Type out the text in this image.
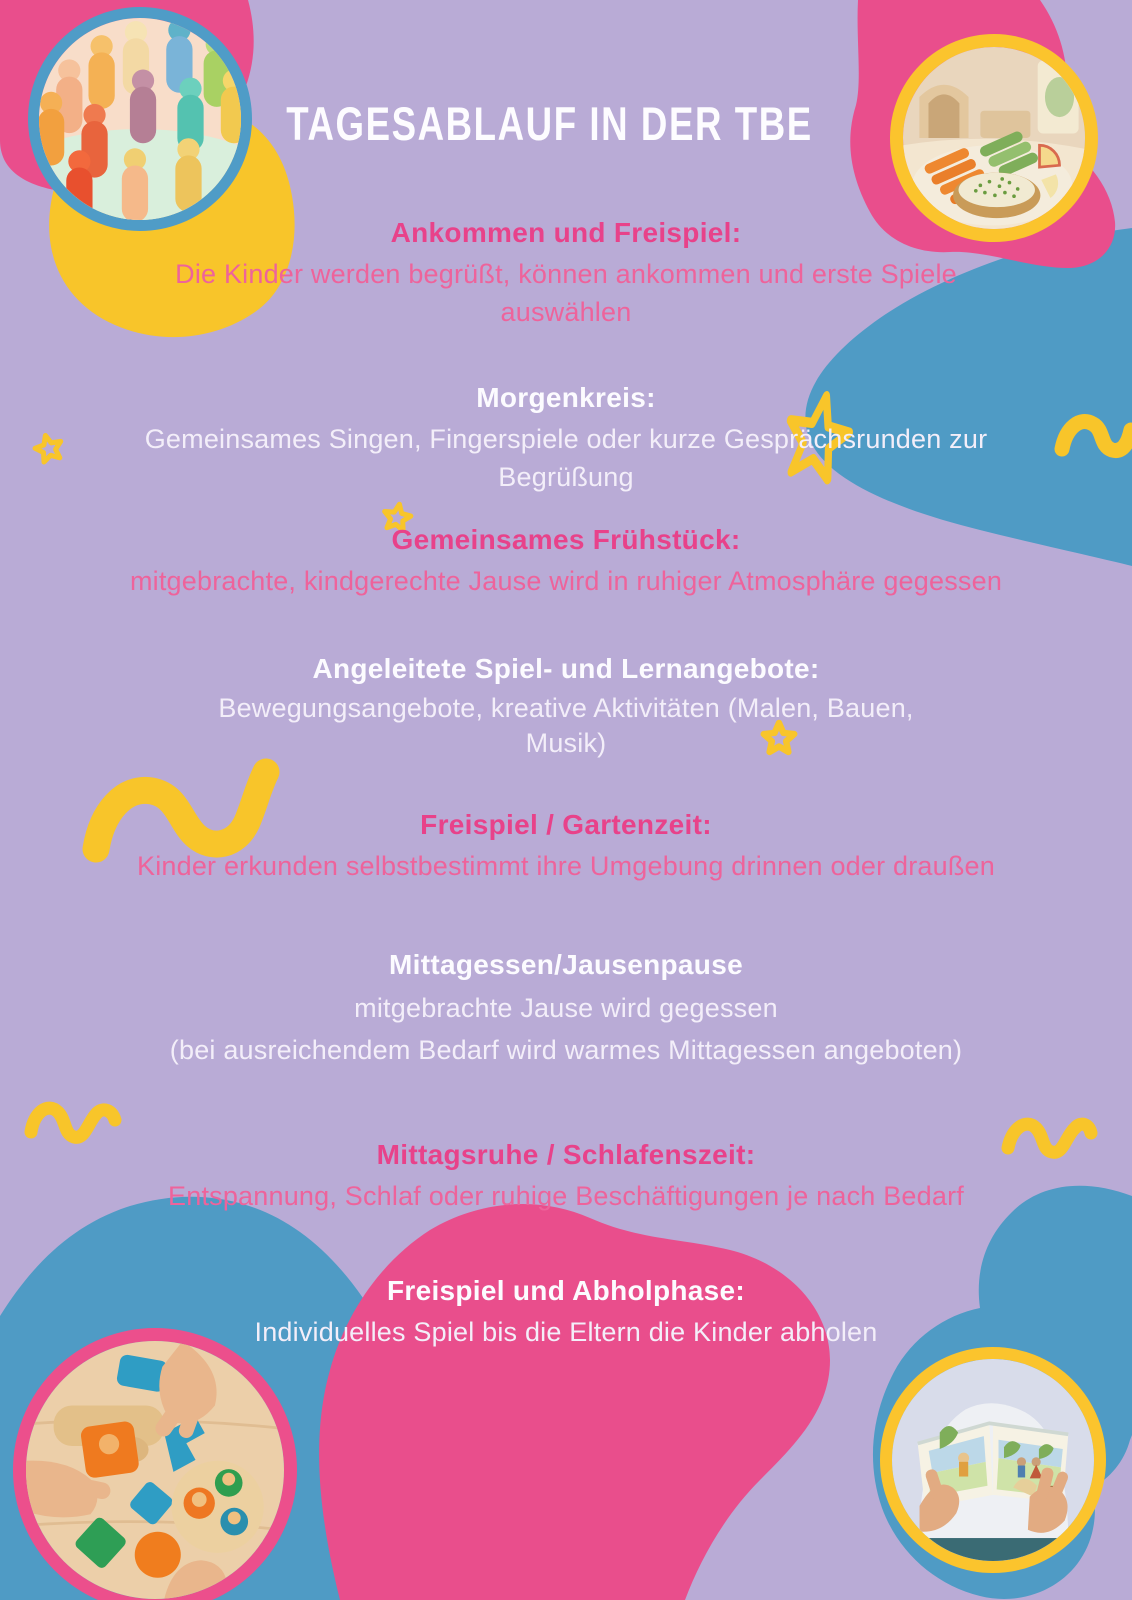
TAGESABLAUF IN DER TBE
Ankommen und Freispiel:
Die Kinder werden begrüßt, können ankommen und erste Spiele
auswählen
Morgenkreis:
Gemeinsames Singen, Fingerspiele oder kurze Gesprächsrunden zur
Begrüßung
Gemeinsames Frühstück:
mitgebrachte, kindgerechte Jause wird in ruhiger Atmosphäre gegessen
Angeleitete Spiel- und Lernangebote:
Bewegungsangebote, kreative Aktivitäten (Malen, Bauen,
Musik)
Freispiel / Gartenzeit:
Kinder erkunden selbstbestimmt ihre Umgebung drinnen oder draußen
Mittagessen/Jausenpause
mitgebrachte Jause wird gegessen
(bei ausreichendem Bedarf wird warmes Mittagessen angeboten)
Mittagsruhe / Schlafenszeit:
Entspannung, Schlaf oder ruhige Beschäftigungen je nach Bedarf
Freispiel und Abholphase:
Individuelles Spiel bis die Eltern die Kinder abholen
